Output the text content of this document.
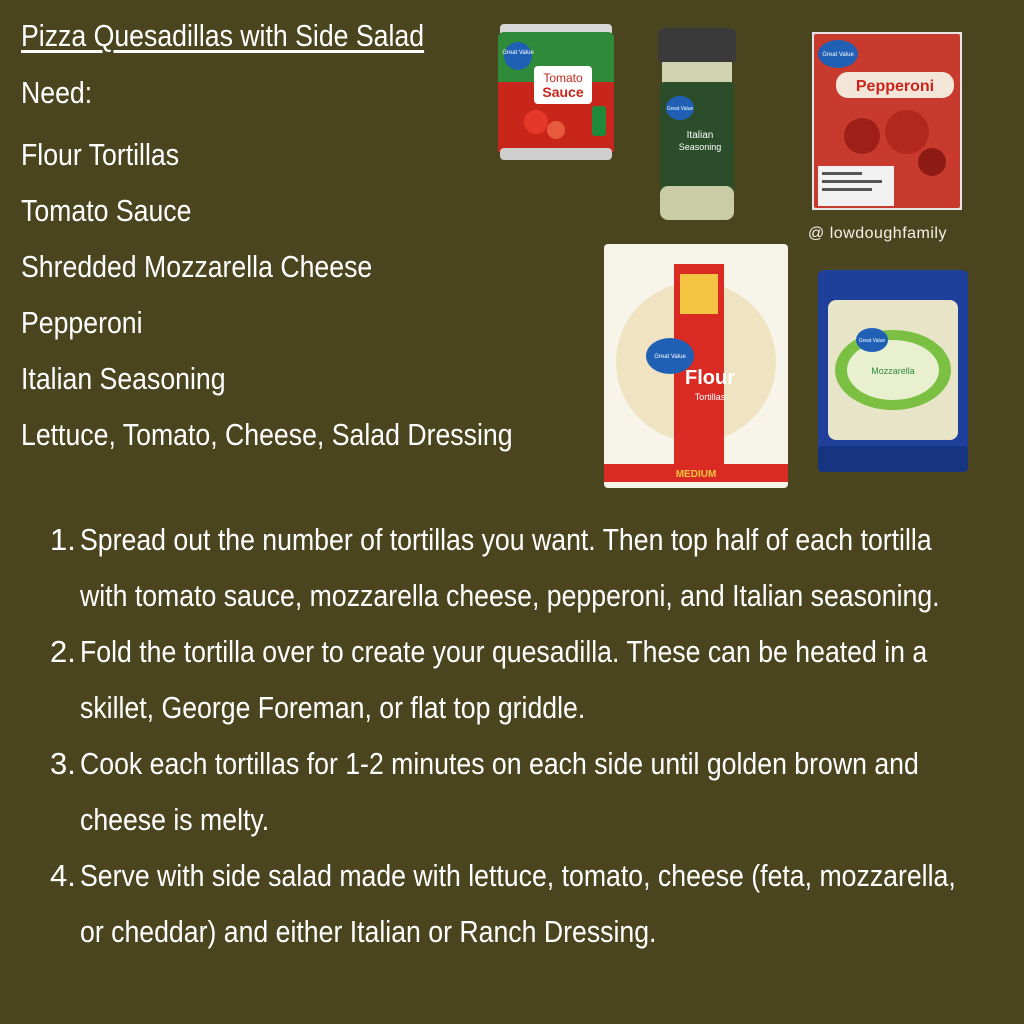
Pizza Quesadillas with Side Salad
Need:
Flour Tortillas
Tomato Sauce
Shredded Mozzarella Cheese
Pepperoni
Italian Seasoning
Lettuce, Tomato, Cheese, Salad Dressing
Great Value
Tomato
Sauce
Great Value
Italian
Seasoning
Great Value
Pepperoni
@ lowdoughfamily
Great Value
Flour
Tortillas
MEDIUM
Great Value
Mozzarella
1. Spread out the number of tortillas you want. Then top half of each tortilla
with tomato sauce, mozzarella cheese, pepperoni, and Italian seasoning.
2. Fold the tortilla over to create your quesadilla. These can be heated in a
skillet, George Foreman, or flat top griddle.
3. Cook each tortillas for 1-2 minutes on each side until golden brown and
cheese is melty.
4. Serve with side salad made with lettuce, tomato, cheese (feta, mozzarella,
or cheddar) and either Italian or Ranch Dressing.
